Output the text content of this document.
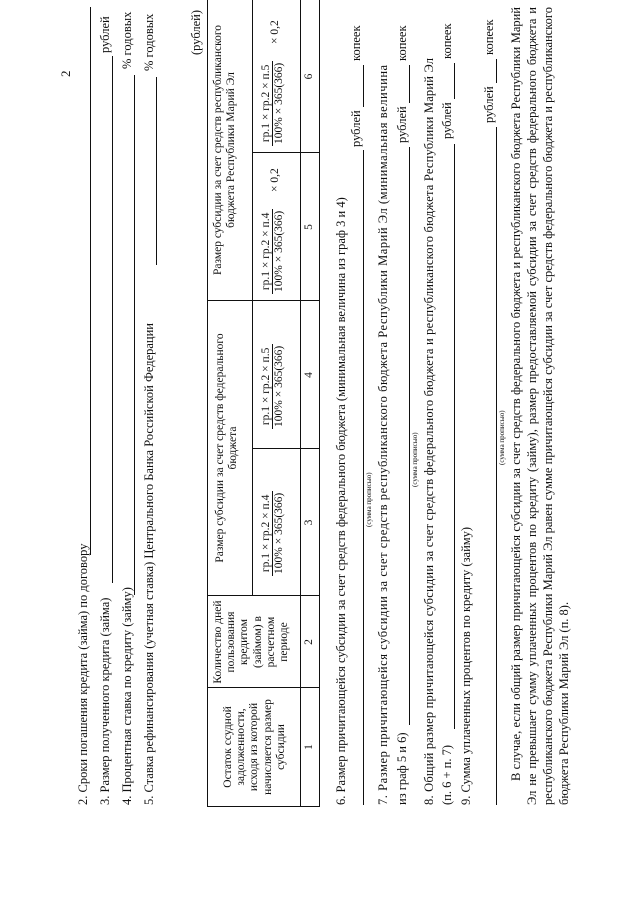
2
2. Сроки погашения кредита (займа) по договору 3. Размер полученного кредита (займа)
рублей
4. Процентная ставка по кредиту (займу)
% годовых
5. Ставка рефинансирования (учетная ставка) Центрального Банка Российской Федерации
% годовых	(рублей)
Остаток ссудной задолженности, исходя из которой начисляется размер субсидии
Количество дней пользования кредитом (займом) в расчетном периоде
Размер субсидии за счет средств федерального бюджета
Размер субсидии за счет средств республиканского бюджета Республики Марий Эл
гр.1 × гр.2 × п.4 100% × 365(366)
гр.1 × гр.2 × п.5 100% × 365(366)
гр.1 × гр.2 × п.4 100% × 365(366)
× 0,2
гр.1 × гр.2 × п.5 100% × 365(366)
× 0,2
1
2
3
4
5
6
6. Размер причитающейся субсидии за счет средств федерального бюджета (минимальная величина из граф 3 и 4)
рублей
копеек
(сумма прописью) 7. Размер причитающейся субсидии за счет средств республиканского бюджета Республики Марий Эл (минимальная величина из граф 5 и 6)
рублей
копеек
(сумма прописью) 8. Общий размер причитающейся субсидии за счет средств федерального бюджета и республиканского бюджета Республики Марий Эл (п. 6 + п. 7)
рублей
копеек
9. Сумма уплаченных процентов по кредиту (займу)
рублей
копеек
(сумма прописью) В случае, если общий размер причитающейся субсидии за счет средств федерального бюджета и республиканского бюджета Республики Марий Эл не превышает сумму уплаченных процентов по кредиту (займу), размер предоставляемой субсидии за счет средств федерального бюджета и республиканского бюджета Республики Марий Эл равен сумме причитающейся субсидии за счет средств федерального бюджета и республиканского бюджета Республики Марий Эл (п. 8).
